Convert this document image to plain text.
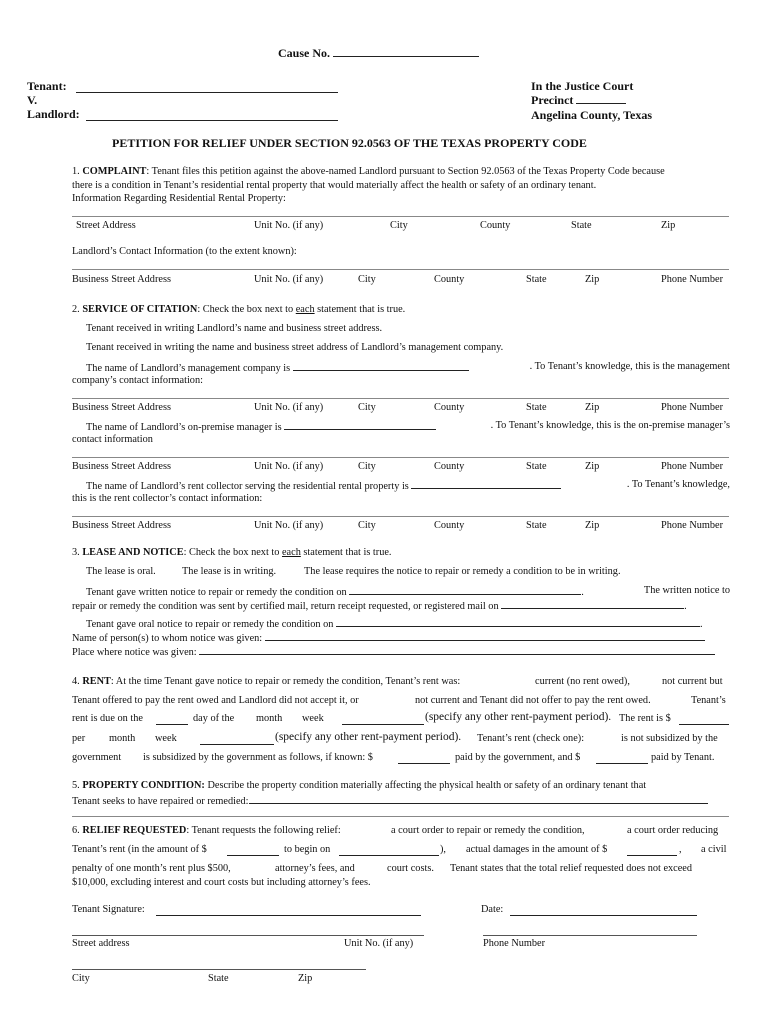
Cause No.
Tenant:
V.
Landlord:
In the Justice Court
Precinct
Angelina County, Texas
PETITION FOR RELIEF UNDER SECTION 92.0563 OF THE TEXAS PROPERTY CODE
1. COMPLAINT: Tenant files this petition against the above-named Landlord pursuant to Section 92.0563 of the Texas Property Code because
there is a condition in Tenant’s residential rental property that would materially affect the health or safety of an ordinary tenant.
Information Regarding Residential Rental Property:
Street Address	Unit No. (if any)	City	County	State	Zip
Landlord’s Contact Information (to the extent known):
Business Street Address	Unit No. (if any)	City	County	State	Zip	Phone Number
2. SERVICE OF CITATION: Check the box next to each statement that is true.
Tenant received in writing Landlord’s name and business street address.
Tenant received in writing the name and business street address of Landlord’s management company.
The name of Landlord’s management company is	. To Tenant’s knowledge, this is the management
company’s contact information:
Business Street Address	Unit No. (if any)	City	County	State	Zip	Phone Number
The name of Landlord’s on-premise manager is	. To Tenant’s knowledge, this is the on-premise manager’s
contact information
Business Street Address	Unit No. (if any)	City	County	State	Zip	Phone Number
The name of Landlord’s rent collector serving the residential rental property is	. To Tenant’s knowledge,
this is the rent collector’s contact information:
Business Street Address	Unit No. (if any)	City	County	State	Zip	Phone Number
3. LEASE AND NOTICE: Check the box next to each statement that is true.
The lease is oral.	The lease is in writing.	The lease requires the notice to repair or remedy a condition to be in writing.
Tenant gave written notice to repair or remedy the condition on	.	The written notice to
repair or remedy the condition was sent by certified mail, return receipt requested, or registered mail on	.
Tenant gave oral notice to repair or remedy the condition on	.
Name of person(s) to whom notice was given:
Place where notice was given:
4. RENT: At the time Tenant gave notice to repair or remedy the condition, Tenant’s rent was:	current (no rent owed),	not current but
Tenant offered to pay the rent owed and Landlord did not accept it, or	not current and Tenant did not offer to pay the rent owed.	Tenant’s
rent is due on the	day of the month week	(specify any other rent-payment period). The rent is $
per month week	(specify any other rent-payment period). Tenant’s rent (check one):	is not subsidized by the
government is subsidized by the government as follows, if known: $	paid by the government, and $	paid by Tenant.
5. PROPERTY CONDITION: Describe the property condition materially affecting the physical health or safety of an ordinary tenant that
Tenant seeks to have repaired or remedied:
6. RELIEF REQUESTED: Tenant requests the following relief:	a court order to repair or remedy the condition,	a court order reducing
Tenant’s rent (in the amount of $	to begin on	), actual damages in the amount of $	, a civil
penalty of one month’s rent plus $500,	attorney’s fees, and	court costs. Tenant states that the total relief requested does not exceed
$10,000, excluding interest and court costs but including attorney’s fees.
Tenant Signature:	Date:
Street address	Unit No. (if any)	Phone Number
City	State	Zip
